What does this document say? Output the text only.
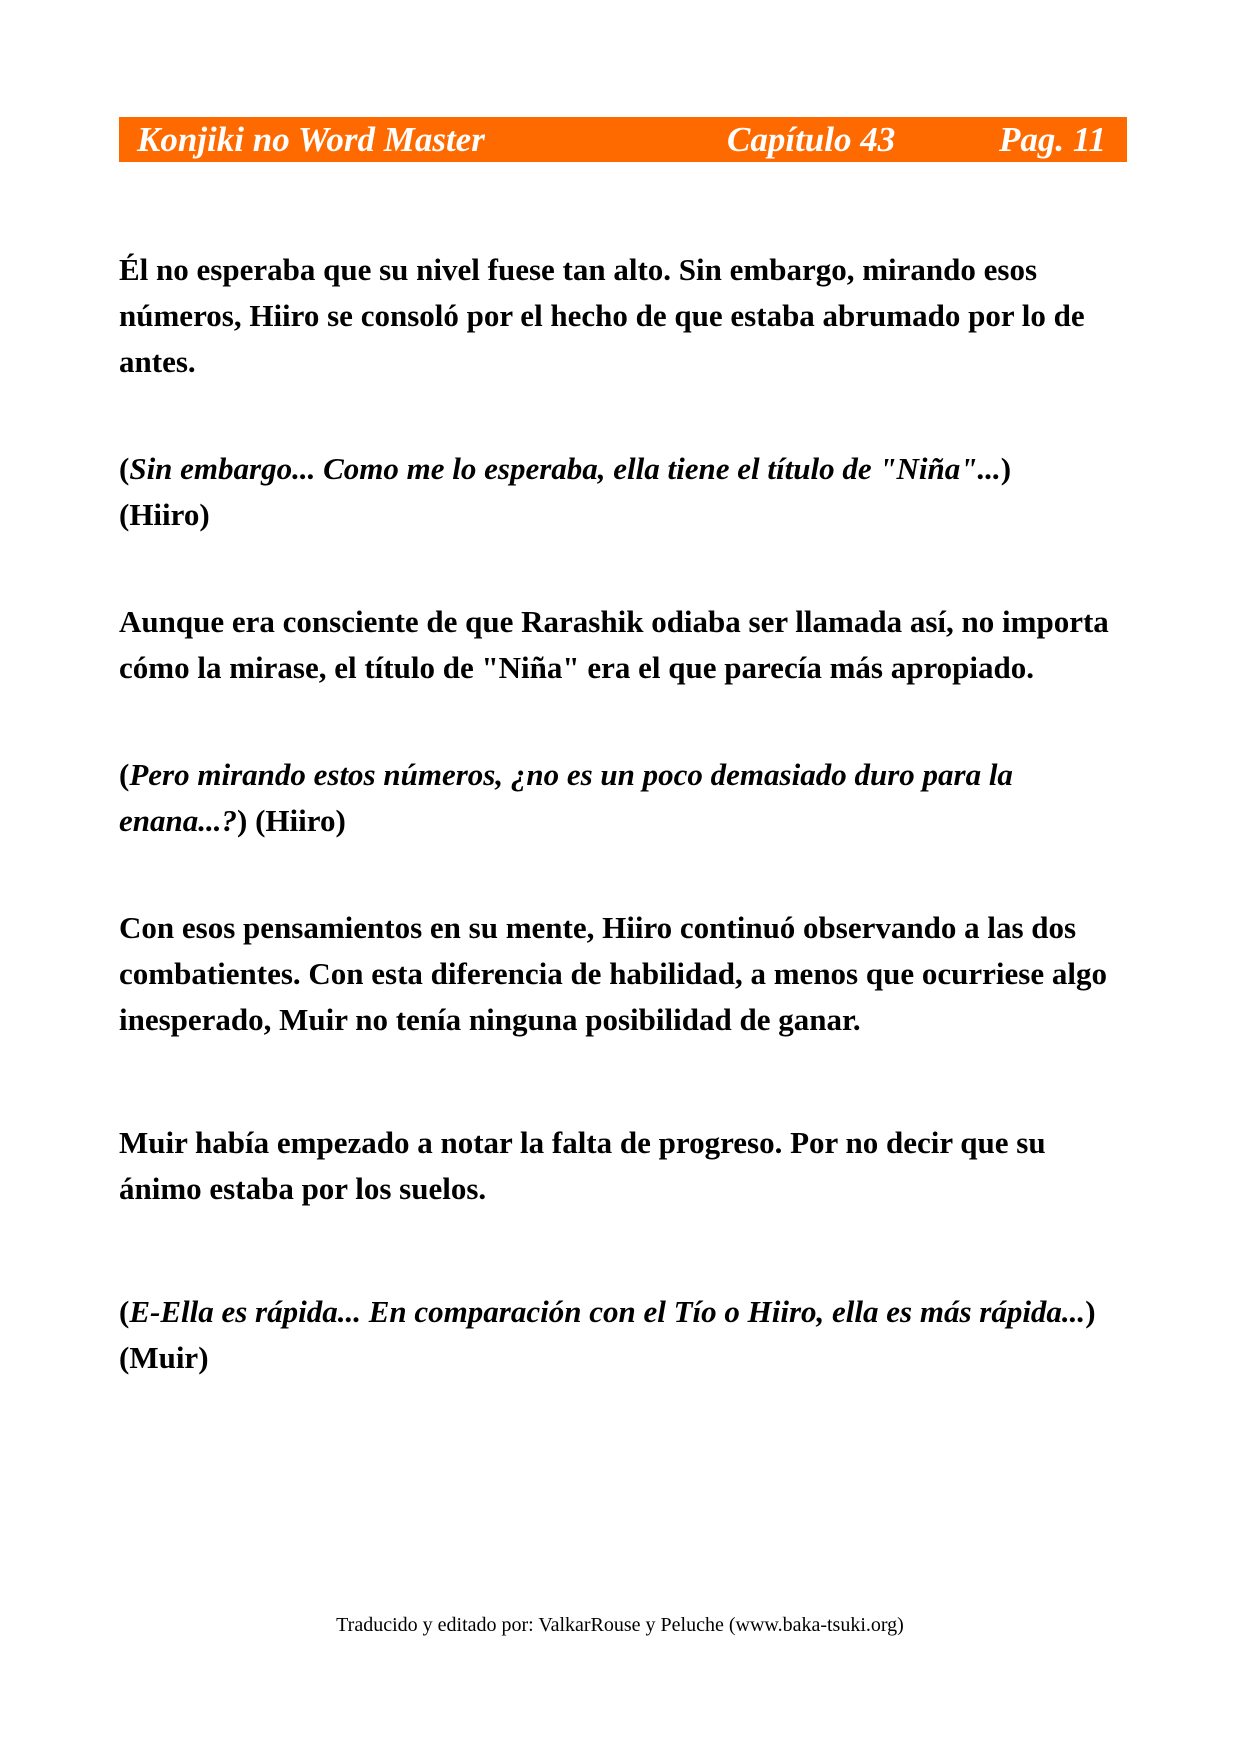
Konjiki no Word Master	Capítulo 43	Pag. 11

Él no esperaba que su nivel fuese tan alto. Sin embargo, mirando esos números, Hiiro se consoló por el hecho de que estaba abrumado por lo de antes.

(Sin embargo... Como me lo esperaba, ella tiene el título de "Niña"...)
(Hiiro)

Aunque era consciente de que Rarashik odiaba ser llamada así, no importa cómo la mirase, el título de "Niña" era el que parecía más apropiado.

(Pero mirando estos números, ¿no es un poco demasiado duro para la enana...?) (Hiiro)

Con esos pensamientos en su mente, Hiiro continuó observando a las dos combatientes. Con esta diferencia de habilidad, a menos que ocurriese algo inesperado, Muir no tenía ninguna posibilidad de ganar.

Muir había empezado a notar la falta de progreso. Por no decir que su ánimo estaba por los suelos.

(E-Ella es rápida... En comparación con el Tío o Hiiro, ella es más rápida...) (Muir)

Traducido y editado por: ValkarRouse y Peluche (www.baka-tsuki.org)
